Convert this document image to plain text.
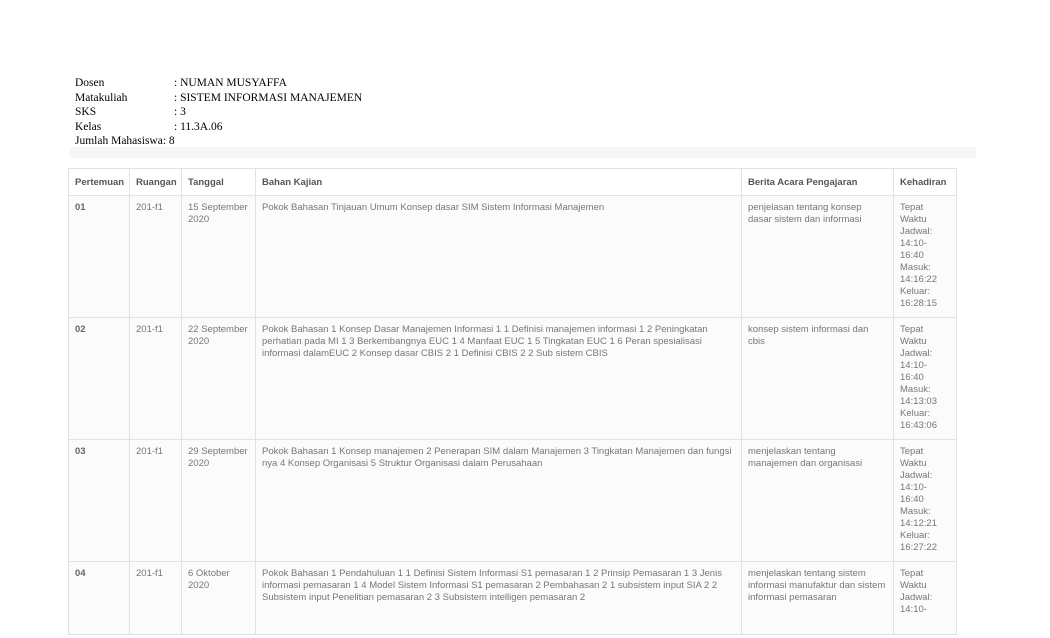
Dosen	: NUMAN MUSYAFFA
Matakuliah	: SISTEM INFORMASI MANAJEMEN
SKS	: 3
Kelas	: 11.3A.06
Jumlah Mahasiswa : 8
Pertemuan	Ruangan	Tanggal	Bahan Kajian	Berita Acara Pengajaran	Kehadiran
01	201-f1	15 September 2020	Pokok Bahasan Tinjauan Umum Konsep dasar SIM Sistem Informasi Manajemen	penjelasan tentang konsep dasar sistem dan informasi	Tepat Waktu Jadwal: 14:10-16:40 Masuk: 14:16:22 Keluar: 16:28:15
02	201-f1	22 September 2020	Pokok Bahasan 1 Konsep Dasar Manajemen Informasi 1 1 Definisi manajemen informasi 1 2 Peningkatan perhatian pada MI 1 3 Berkembangnya EUC 1 4 Manfaat EUC 1 5 Tingkatan EUC 1 6 Peran spesialisasi informasi dalamEUC 2 Konsep dasar CBIS 2 1 Definisi CBIS 2 2 Sub sistem CBIS	konsep sistem informasi dan cbis	Tepat Waktu Jadwal: 14:10-16:40 Masuk: 14:13:03 Keluar: 16:43:06
03	201-f1	29 September 2020	Pokok Bahasan 1 Konsep manajemen 2 Penerapan SIM dalam Manajemen 3 Tingkatan Manajemen dan fungsi nya 4 Konsep Organisasi 5 Struktur Organisasi dalam Perusahaan	menjelaskan tentang manajemen dan organisasi	Tepat Waktu Jadwal: 14:10-16:40 Masuk: 14:12:21 Keluar: 16:27:22
04	201-f1	6 Oktober 2020	Pokok Bahasan 1 Pendahuluan 1 1 Definisi Sistem Informasi S1 pemasaran 1 2 Prinsip Pemasaran 1 3 Jenis informasi pemasaran 1 4 Model Sistem Informasi S1 pemasaran 2 Pembahasan 2 1 subsistem input SIA 2 2 Subsistem input Penelitian pemasaran 2 3 Subsistem intelligen pemasaran 2	menjelaskan tentang sistem informasi manufaktur dan sistem informasi pemasaran	Tepat Waktu Jadwal: 14:10-
